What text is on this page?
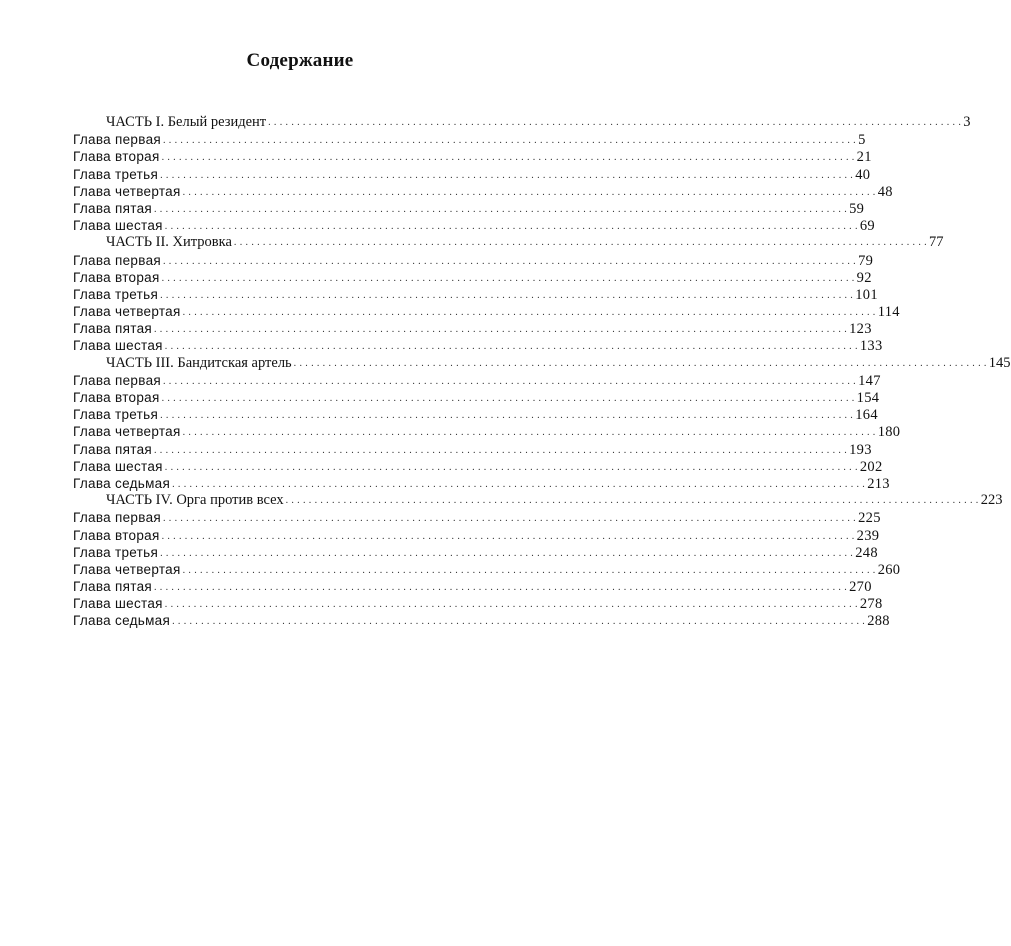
Содержание
ЧАСТЬ I. Белый резидент . . . . . . . . . . . . . . . . . . . . . . . . . . . . . . . . . . . . . . . . . . . . . . . . . . . . . . . . . . . . . . . . . . . . . . . . . . . . . . . . . . . . . . . . . . . . . . . . . . . . . . . . . . . . . . . . . . . . . . . . 3
Глава первая . . . . . . . . . . . . . . . . . . . . . . . . . . . . . . . . . . . . . . . . . . . . . . . . . . . . . . . . . . . . . . . . . . . . . . . . . . . . . . . . . . . . . . . . . . . . . . . . . . . . . . . . . . . . . . . . . . . . . . . . 5
Глава вторая . . . . . . . . . . . . . . . . . . . . . . . . . . . . . . . . . . . . . . . . . . . . . . . . . . . . . . . . . . . . . . . . . . . . . . . . . . . . . . . . . . . . . . . . . . . . . . . . . . . . . . . . . . . . . . . . . . . . . . . . 21
Глава третья . . . . . . . . . . . . . . . . . . . . . . . . . . . . . . . . . . . . . . . . . . . . . . . . . . . . . . . . . . . . . . . . . . . . . . . . . . . . . . . . . . . . . . . . . . . . . . . . . . . . . . . . . . . . . . . . . . . . . . . . 40
Глава четвертая . . . . . . . . . . . . . . . . . . . . . . . . . . . . . . . . . . . . . . . . . . . . . . . . . . . . . . . . . . . . . . . . . . . . . . . . . . . . . . . . . . . . . . . . . . . . . . . . . . . . . . . . . . . . . . . . . . . . . . . . 48
Глава пятая . . . . . . . . . . . . . . . . . . . . . . . . . . . . . . . . . . . . . . . . . . . . . . . . . . . . . . . . . . . . . . . . . . . . . . . . . . . . . . . . . . . . . . . . . . . . . . . . . . . . . . . . . . . . . . . . . . . . . . . . 59
Глава шестая . . . . . . . . . . . . . . . . . . . . . . . . . . . . . . . . . . . . . . . . . . . . . . . . . . . . . . . . . . . . . . . . . . . . . . . . . . . . . . . . . . . . . . . . . . . . . . . . . . . . . . . . . . . . . . . . . . . . . . . . 69
ЧАСТЬ II. Хитровка . . . . . . . . . . . . . . . . . . . . . . . . . . . . . . . . . . . . . . . . . . . . . . . . . . . . . . . . . . . . . . . . . . . . . . . . . . . . . . . . . . . . . . . . . . . . . . . . . . . . . . . . . . . . . . . . . . . . . . . . 77
Глава первая . . . . . . . . . . . . . . . . . . . . . . . . . . . . . . . . . . . . . . . . . . . . . . . . . . . . . . . . . . . . . . . . . . . . . . . . . . . . . . . . . . . . . . . . . . . . . . . . . . . . . . . . . . . . . . . . . . . . . . . . 79
Глава вторая . . . . . . . . . . . . . . . . . . . . . . . . . . . . . . . . . . . . . . . . . . . . . . . . . . . . . . . . . . . . . . . . . . . . . . . . . . . . . . . . . . . . . . . . . . . . . . . . . . . . . . . . . . . . . . . . . . . . . . . . 92
Глава третья . . . . . . . . . . . . . . . . . . . . . . . . . . . . . . . . . . . . . . . . . . . . . . . . . . . . . . . . . . . . . . . . . . . . . . . . . . . . . . . . . . . . . . . . . . . . . . . . . . . . . . . . . . . . . . . . . . . . . . . . 101
Глава четвертая . . . . . . . . . . . . . . . . . . . . . . . . . . . . . . . . . . . . . . . . . . . . . . . . . . . . . . . . . . . . . . . . . . . . . . . . . . . . . . . . . . . . . . . . . . . . . . . . . . . . . . . . . . . . . . . . . . . . . . . . 114
Глава пятая . . . . . . . . . . . . . . . . . . . . . . . . . . . . . . . . . . . . . . . . . . . . . . . . . . . . . . . . . . . . . . . . . . . . . . . . . . . . . . . . . . . . . . . . . . . . . . . . . . . . . . . . . . . . . . . . . . . . . . . . 123
Глава шестая . . . . . . . . . . . . . . . . . . . . . . . . . . . . . . . . . . . . . . . . . . . . . . . . . . . . . . . . . . . . . . . . . . . . . . . . . . . . . . . . . . . . . . . . . . . . . . . . . . . . . . . . . . . . . . . . . . . . . . . . 133
ЧАСТЬ III. Бандитская артель . . . . . . . . . . . . . . . . . . . . . . . . . . . . . . . . . . . . . . . . . . . . . . . . . . . . . . . . . . . . . . . . . . . . . . . . . . . . . . . . . . . . . . . . . . . . . . . . . . . . . . . . . . . . . . . . . . . . . . . . 145
Глава первая . . . . . . . . . . . . . . . . . . . . . . . . . . . . . . . . . . . . . . . . . . . . . . . . . . . . . . . . . . . . . . . . . . . . . . . . . . . . . . . . . . . . . . . . . . . . . . . . . . . . . . . . . . . . . . . . . . . . . . . . 147
Глава вторая . . . . . . . . . . . . . . . . . . . . . . . . . . . . . . . . . . . . . . . . . . . . . . . . . . . . . . . . . . . . . . . . . . . . . . . . . . . . . . . . . . . . . . . . . . . . . . . . . . . . . . . . . . . . . . . . . . . . . . . . 154
Глава третья . . . . . . . . . . . . . . . . . . . . . . . . . . . . . . . . . . . . . . . . . . . . . . . . . . . . . . . . . . . . . . . . . . . . . . . . . . . . . . . . . . . . . . . . . . . . . . . . . . . . . . . . . . . . . . . . . . . . . . . . 164
Глава четвертая . . . . . . . . . . . . . . . . . . . . . . . . . . . . . . . . . . . . . . . . . . . . . . . . . . . . . . . . . . . . . . . . . . . . . . . . . . . . . . . . . . . . . . . . . . . . . . . . . . . . . . . . . . . . . . . . . . . . . . . . 180
Глава пятая . . . . . . . . . . . . . . . . . . . . . . . . . . . . . . . . . . . . . . . . . . . . . . . . . . . . . . . . . . . . . . . . . . . . . . . . . . . . . . . . . . . . . . . . . . . . . . . . . . . . . . . . . . . . . . . . . . . . . . . . 193
Глава шестая . . . . . . . . . . . . . . . . . . . . . . . . . . . . . . . . . . . . . . . . . . . . . . . . . . . . . . . . . . . . . . . . . . . . . . . . . . . . . . . . . . . . . . . . . . . . . . . . . . . . . . . . . . . . . . . . . . . . . . . . 202
Глава седьмая . . . . . . . . . . . . . . . . . . . . . . . . . . . . . . . . . . . . . . . . . . . . . . . . . . . . . . . . . . . . . . . . . . . . . . . . . . . . . . . . . . . . . . . . . . . . . . . . . . . . . . . . . . . . . . . . . . . . . . . . 213
ЧАСТЬ IV. Орга против всех . . . . . . . . . . . . . . . . . . . . . . . . . . . . . . . . . . . . . . . . . . . . . . . . . . . . . . . . . . . . . . . . . . . . . . . . . . . . . . . . . . . . . . . . . . . . . . . . . . . . . . . . . . . . . . . . . . . . . . . . 223
Глава первая . . . . . . . . . . . . . . . . . . . . . . . . . . . . . . . . . . . . . . . . . . . . . . . . . . . . . . . . . . . . . . . . . . . . . . . . . . . . . . . . . . . . . . . . . . . . . . . . . . . . . . . . . . . . . . . . . . . . . . . . 225
Глава вторая . . . . . . . . . . . . . . . . . . . . . . . . . . . . . . . . . . . . . . . . . . . . . . . . . . . . . . . . . . . . . . . . . . . . . . . . . . . . . . . . . . . . . . . . . . . . . . . . . . . . . . . . . . . . . . . . . . . . . . . . 239
Глава третья . . . . . . . . . . . . . . . . . . . . . . . . . . . . . . . . . . . . . . . . . . . . . . . . . . . . . . . . . . . . . . . . . . . . . . . . . . . . . . . . . . . . . . . . . . . . . . . . . . . . . . . . . . . . . . . . . . . . . . . . 248
Глава четвертая . . . . . . . . . . . . . . . . . . . . . . . . . . . . . . . . . . . . . . . . . . . . . . . . . . . . . . . . . . . . . . . . . . . . . . . . . . . . . . . . . . . . . . . . . . . . . . . . . . . . . . . . . . . . . . . . . . . . . . . . 260
Глава пятая . . . . . . . . . . . . . . . . . . . . . . . . . . . . . . . . . . . . . . . . . . . . . . . . . . . . . . . . . . . . . . . . . . . . . . . . . . . . . . . . . . . . . . . . . . . . . . . . . . . . . . . . . . . . . . . . . . . . . . . . 270
Глава шестая . . . . . . . . . . . . . . . . . . . . . . . . . . . . . . . . . . . . . . . . . . . . . . . . . . . . . . . . . . . . . . . . . . . . . . . . . . . . . . . . . . . . . . . . . . . . . . . . . . . . . . . . . . . . . . . . . . . . . . . . 278
Глава седьмая . . . . . . . . . . . . . . . . . . . . . . . . . . . . . . . . . . . . . . . . . . . . . . . . . . . . . . . . . . . . . . . . . . . . . . . . . . . . . . . . . . . . . . . . . . . . . . . . . . . . . . . . . . . . . . . . . . . . . . . . 288
